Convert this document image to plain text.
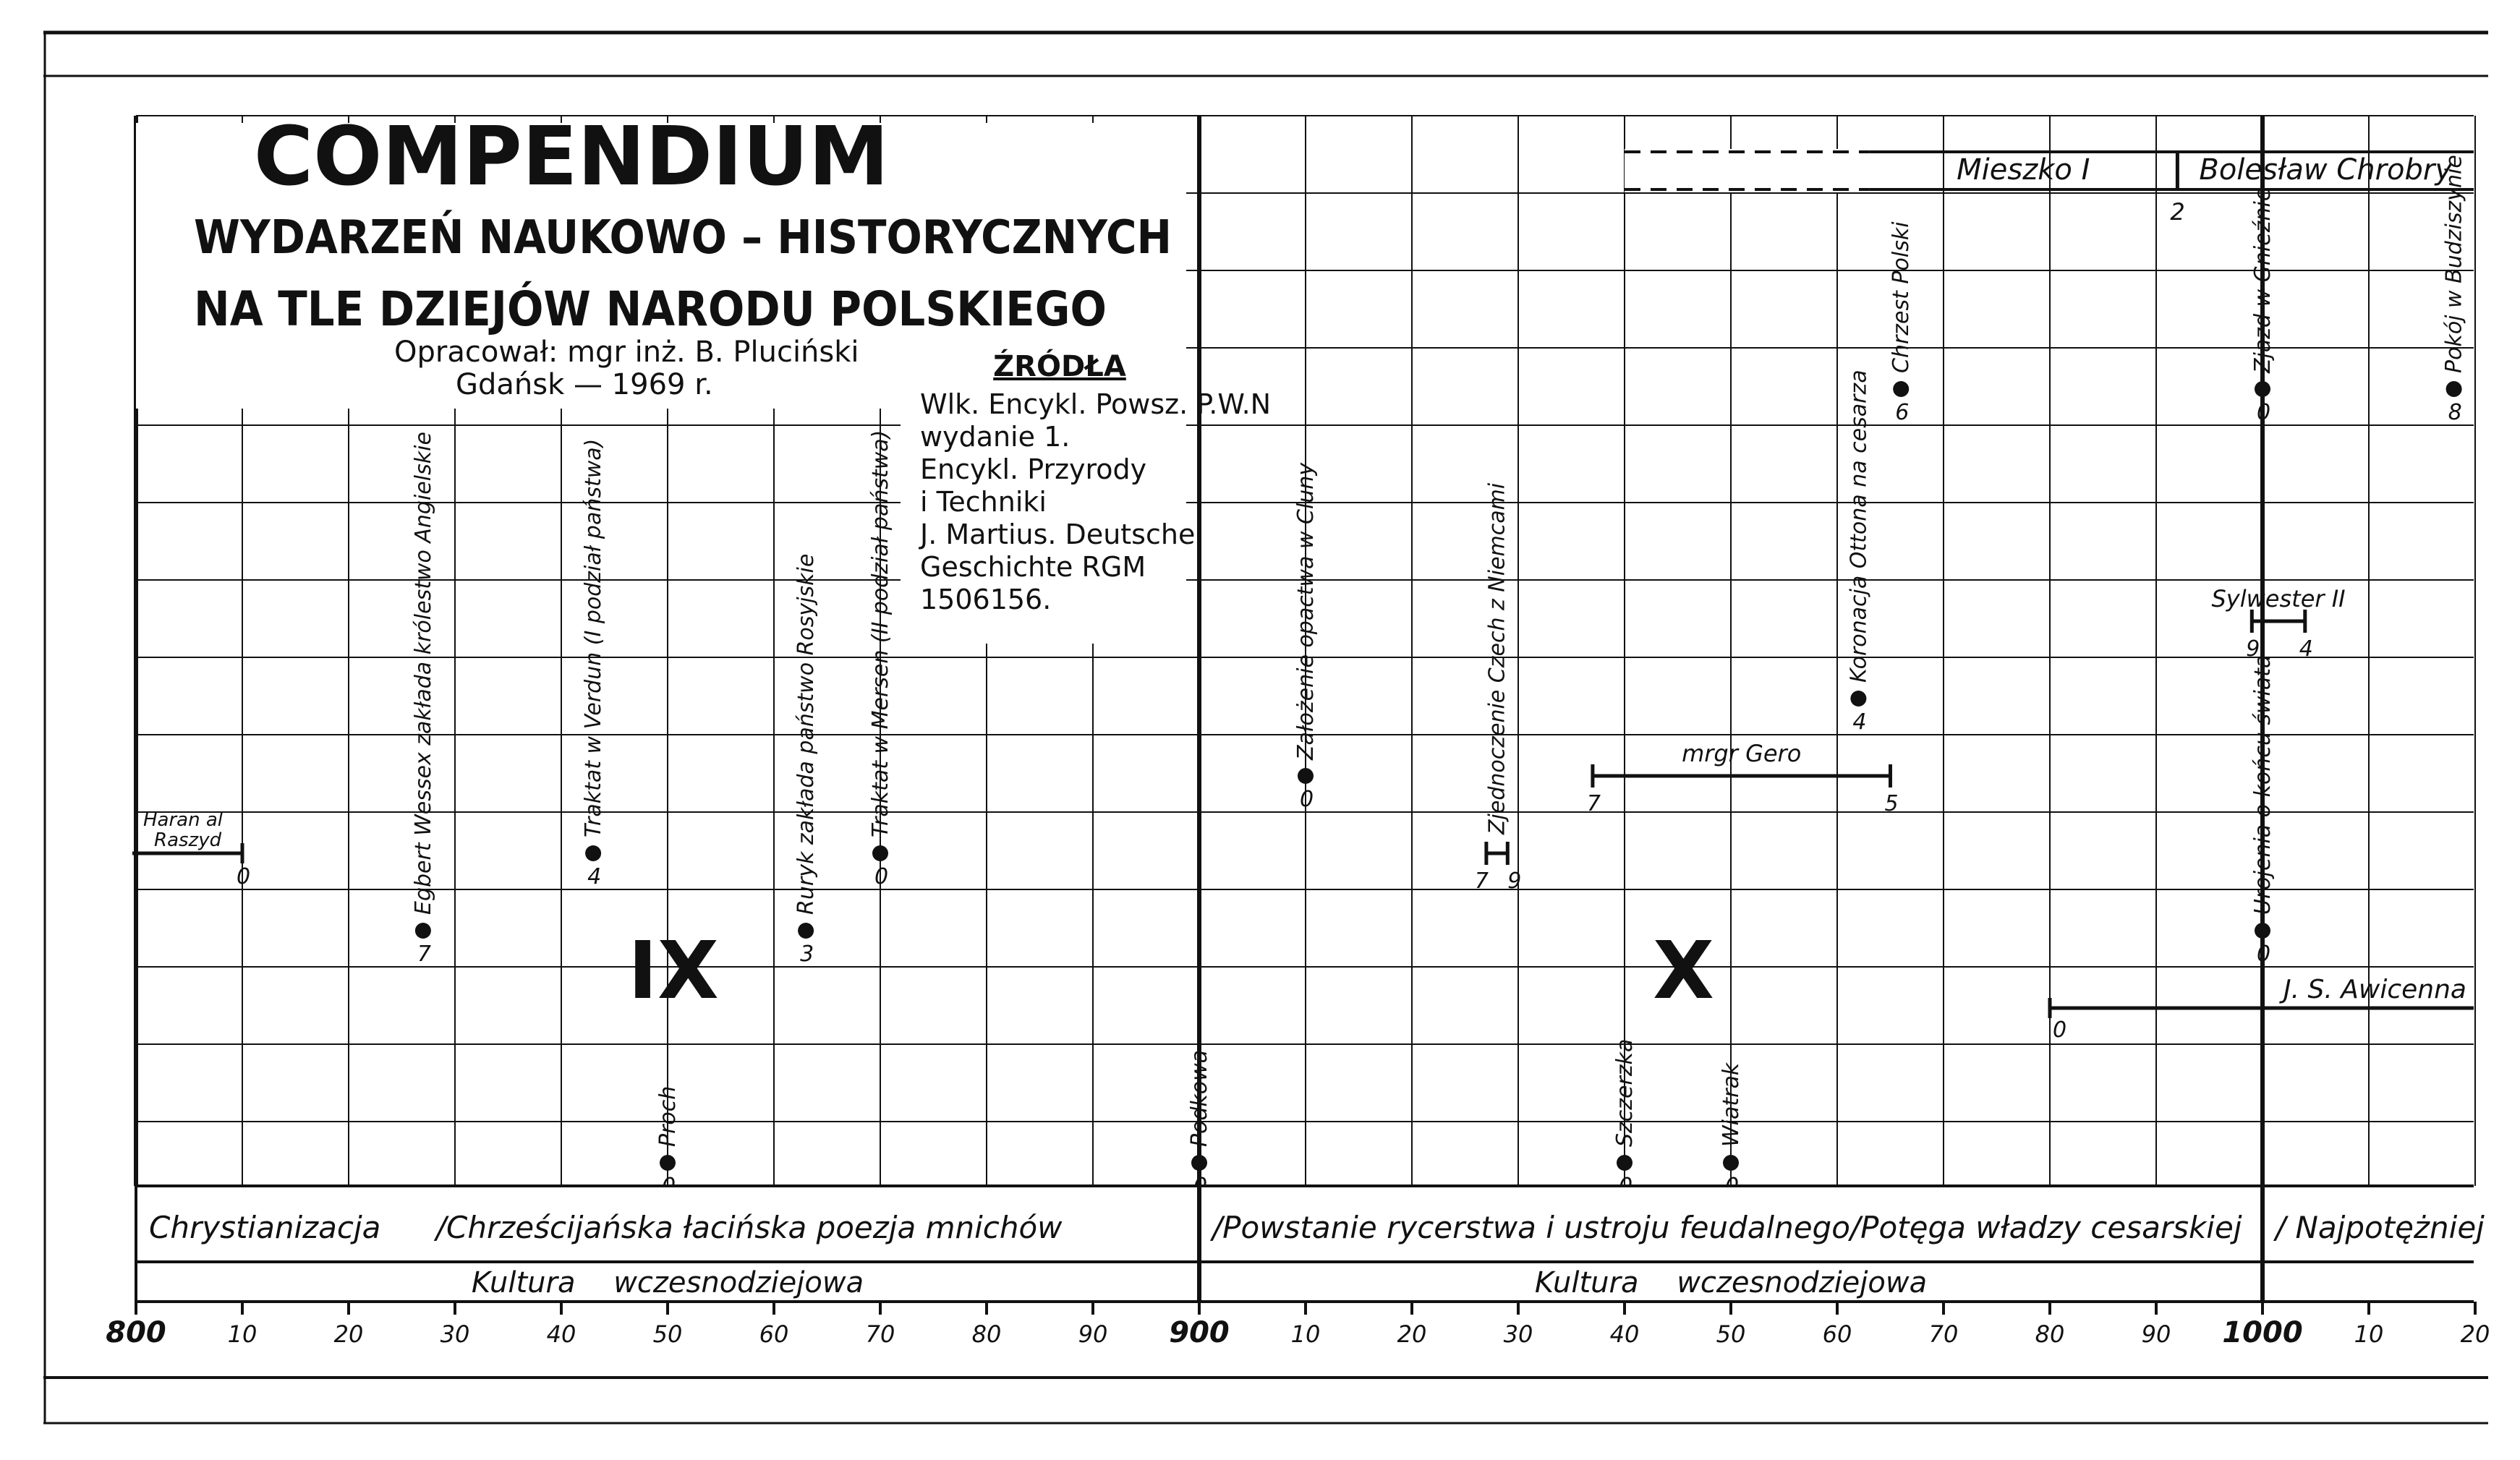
COMPENDIUM
WYDARZEŃ NAUKOWO – HISTORYCZNYCH
NA TLE DZIEJÓW NARODU POLSKIEGO
Opracował: mgr inż. B. Pluciński
Gdańsk — 1969 r.
ŹRÓDŁA
Wlk. Encykl. Powsz. P.W.N
wydanie 1.
Encykl. Przyrody
i Techniki
J. Martius. Deutsche
Geschichte RGM
1506156.
Mieszko I
2
Bolesław Chrobry
Haran al
Raszyd
0
7
Egbert Wessex zakłada królestwo Angielskie	4
Traktat w Verdun (I podział państwa)
Proch
3
Ruryk zakłada państwo Rosyjskie	0
Traktat w Mersen (II podział państwa)
Podkowa
0
Założenie opactwa w Cluny
7 9
Zjednoczenie Czech z Niemcami
Szczerzka	Wiatrak
7	5
mrgr Gero
4
Koronacja Ottona na cesarza 6
Chrzest Polski
0
J. S. Awicenna
0
Zjazd w Gnieźnie
9 4
Sylwester II
0
Urojenia o końcu świata
8
Pokój w Budziszynie
IX	X
Chrystianizacja /Chrześcijańska łacińska poezja mnichów	/Powstanie rycerstwa i ustroju feudalnego /Potęga władzy cesarskiej / Najpotężniej
Kultura wczesnodziejowa	Kultura wczesnodziejowa
800	10	20	30	40	50	60	70	80	90 900	10	20	30	40	50	60	70	80	90 1000 10	20
